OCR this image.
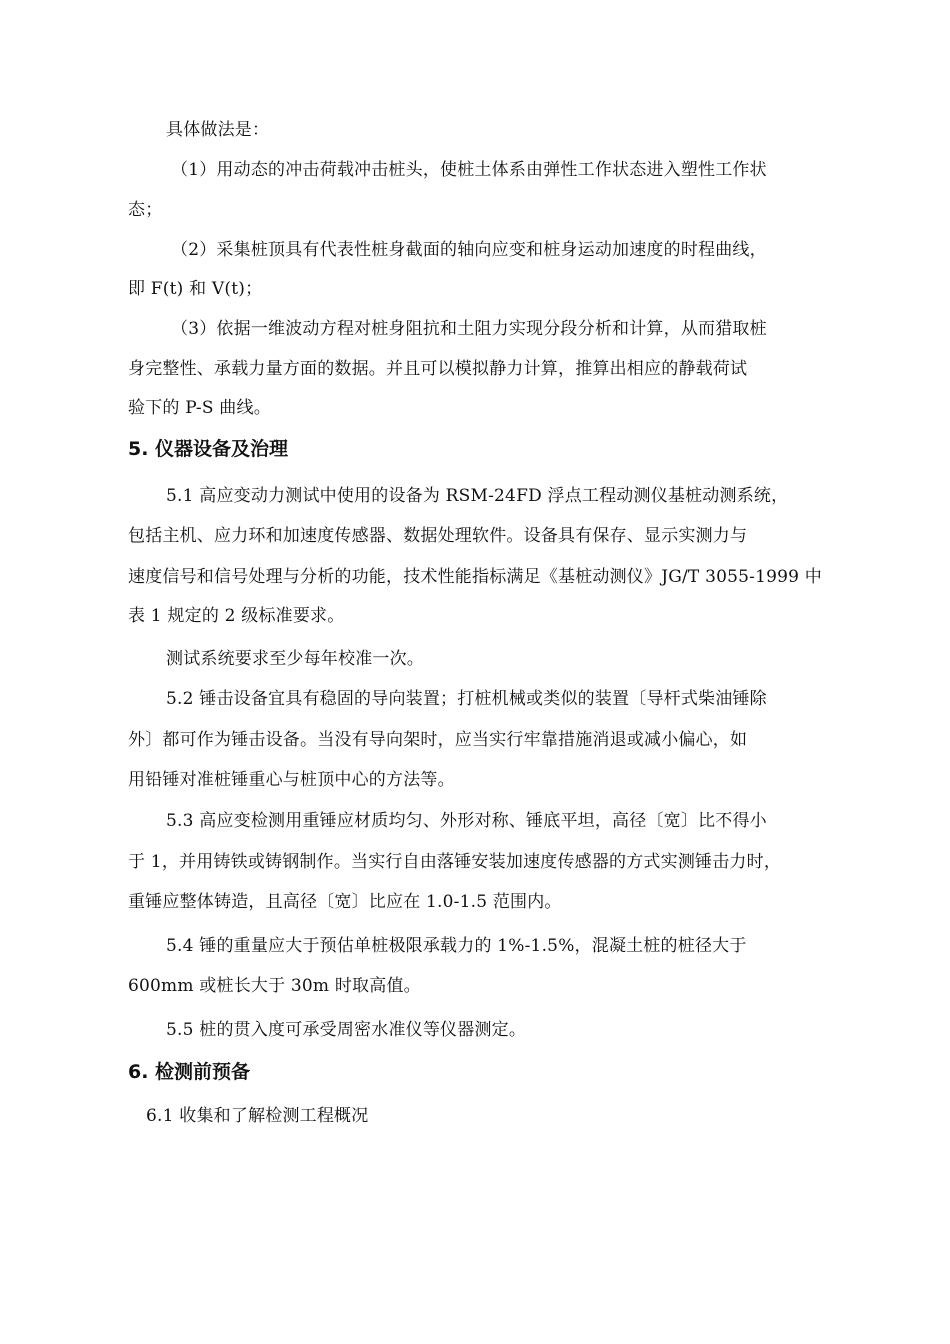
具体做法是：
（1）用动态的冲击荷载冲击桩头，使桩土体系由弹性工作状态进入塑性工作状
态；
（2）采集桩顶具有代表性桩身截面的轴向应变和桩身运动加速度的时程曲线，
即 F(t) 和 V(t)；
（3）依据一维波动方程对桩身阻抗和土阻力实现分段分析和计算，从而猎取桩
身完整性、承载力量方面的数据。并且可以模拟静力计算，推算出相应的静载荷试
验下的 P-S 曲线。
5. 仪器设备及治理
5.1 高应变动力测试中使用的设备为 RSM-24FD 浮点工程动测仪基桩动测系统，
包括主机、应力环和加速度传感器、数据处理软件。设备具有保存、显示实测力与
速度信号和信号处理与分析的功能，技术性能指标满足《基桩动测仪》JG/T 3055-1999 中
表 1 规定的 2 级标准要求。
测试系统要求至少每年校准一次。
5.2 锤击设备宜具有稳固的导向装置；打桩机械或类似的装置〔导杆式柴油锤除
外〕都可作为锤击设备。当没有导向架时，应当实行牢靠措施消退或减小偏心，如
用铅锤对准桩锤重心与桩顶中心的方法等。
5.3 高应变检测用重锤应材质均匀、外形对称、锤底平坦，高径〔宽〕比不得小
于 1，并用铸铁或铸钢制作。当实行自由落锤安装加速度传感器的方式实测锤击力时，
重锤应整体铸造，且高径〔宽〕比应在 1.0-1.5 范围内。
5.4 锤的重量应大于预估单桩极限承载力的 1%-1.5%，混凝土桩的桩径大于
600mm 或桩长大于 30m 时取高值。
5.5 桩的贯入度可承受周密水准仪等仪器测定。
6. 检测前预备
6.1 收集和了解检测工程概况
